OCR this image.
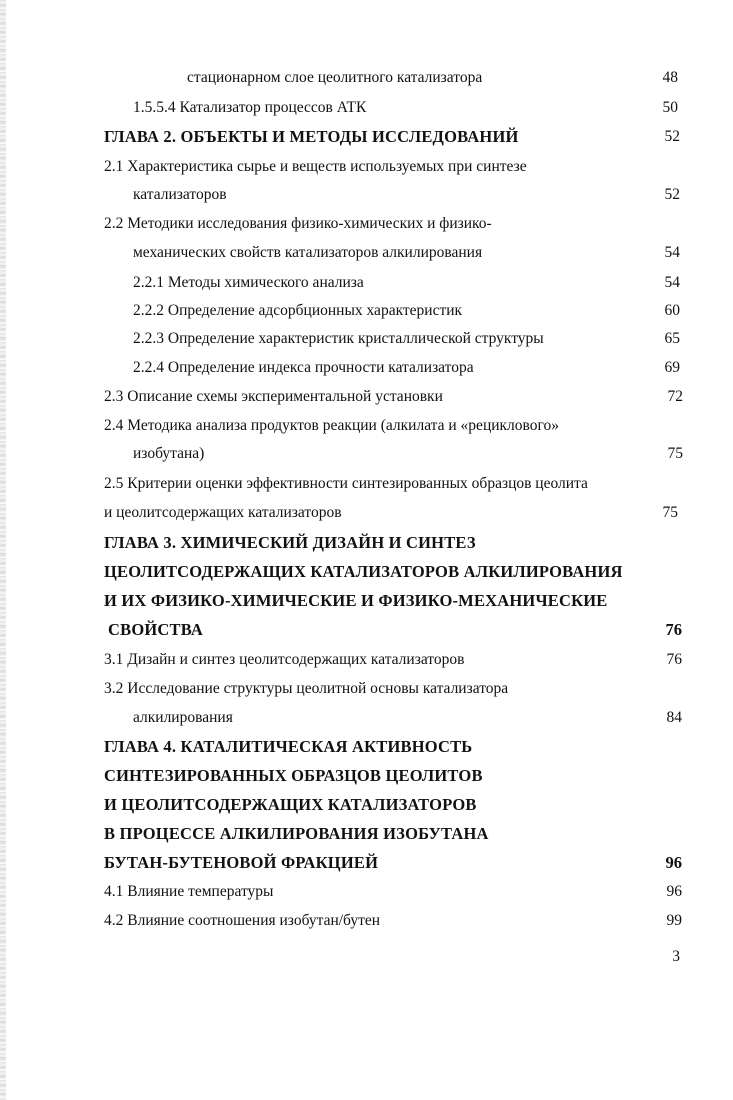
стационарном слое цеолитного катализатора	48
1.5.5.4 Катализатор процессов АТК	50
ГЛАВА 2. ОБЪЕКТЫ И МЕТОДЫ ИССЛЕДОВАНИЙ	52
2.1 Характеристика сырье и веществ используемых при синтезе
катализаторов	52
2.2 Методики исследования физико-химических и физико-
механических свойств катализаторов алкилирования	54
2.2.1 Методы химического анализа	54
2.2.2 Определение адсорбционных характеристик	60
2.2.3 Определение характеристик кристаллической структуры	65
2.2.4 Определение индекса прочности катализатора	69
2.3 Описание схемы экспериментальной установки	72
2.4 Методика анализа продуктов реакции (алкилата и «рециклового»
изобутана)	75
2.5 Критерии оценки эффективности синтезированных образцов цеолита
и цеолитсодержащих катализаторов	75
ГЛАВА 3. ХИМИЧЕСКИЙ ДИЗАЙН И СИНТЕЗ
ЦЕОЛИТСОДЕРЖАЩИХ КАТАЛИЗАТОРОВ АЛКИЛИРОВАНИЯ
И ИХ ФИЗИКО-ХИМИЧЕСКИЕ И ФИЗИКО-МЕХАНИЧЕСКИЕ
СВОЙСТВА	76
3.1 Дизайн и синтез цеолитсодержащих катализаторов	76
3.2 Исследование структуры цеолитной основы катализатора
алкилирования	84
ГЛАВА 4. КАТАЛИТИЧЕСКАЯ АКТИВНОСТЬ
СИНТЕЗИРОВАННЫХ ОБРАЗЦОВ ЦЕОЛИТОВ
И ЦЕОЛИТСОДЕРЖАЩИХ КАТАЛИЗАТОРОВ
В ПРОЦЕССЕ АЛКИЛИРОВАНИЯ ИЗОБУТАНА
БУТАН-БУТЕНОВОЙ ФРАКЦИЕЙ	96
4.1 Влияние температуры	96
4.2 Влияние соотношения изобутан/бутен	99
3
